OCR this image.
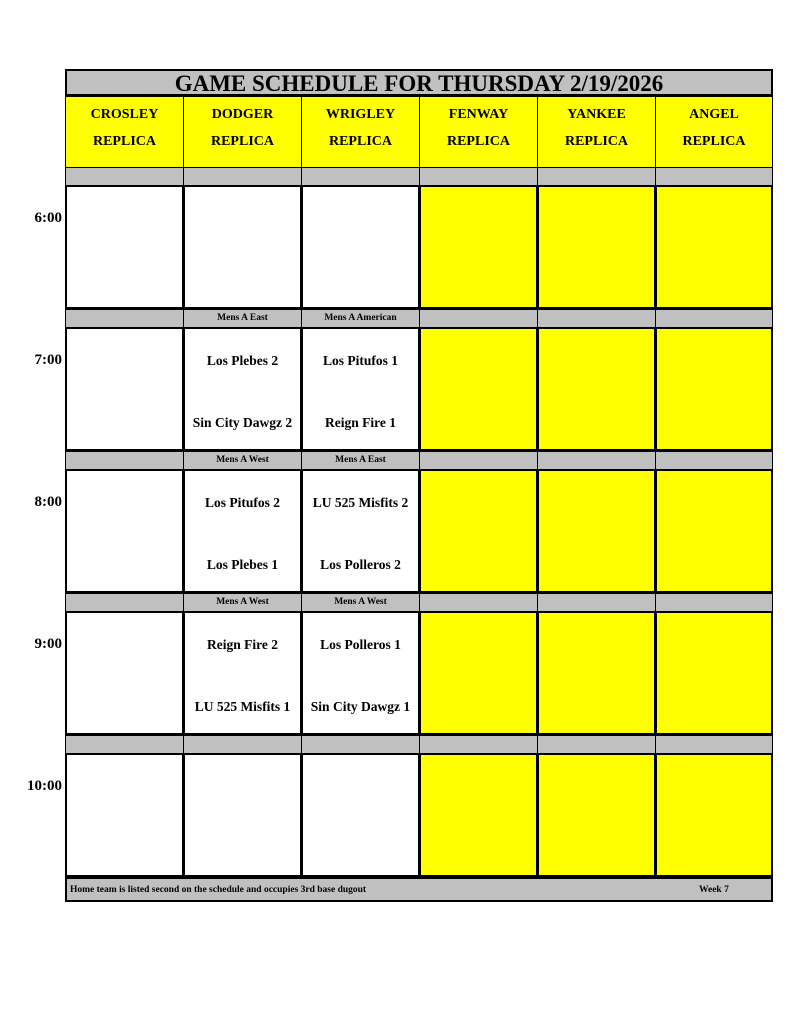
GAME SCHEDULE FOR THURSDAY 2/19/2026
CROSLEY
REPLICA
DODGER
REPLICA
WRIGLEY
REPLICA
FENWAY
REPLICA
YANKEE
REPLICA
ANGEL
REPLICA
6:00
7:00
Mens A East
Los Plebes 2
Sin City Dawgz 2
Mens A American
Los Pitufos 1
Reign Fire 1
8:00
Mens A West
Los Pitufos 2
Los Plebes 1
Mens A East
LU 525 Misfits 2
Los Polleros 2
9:00
Mens A West
Reign Fire 2
LU 525 Misfits 1
Mens A West
Los Polleros 1
Sin City Dawgz 1
10:00
Home team is listed second on the schedule and occupies 3rd base dugout	Week 7
